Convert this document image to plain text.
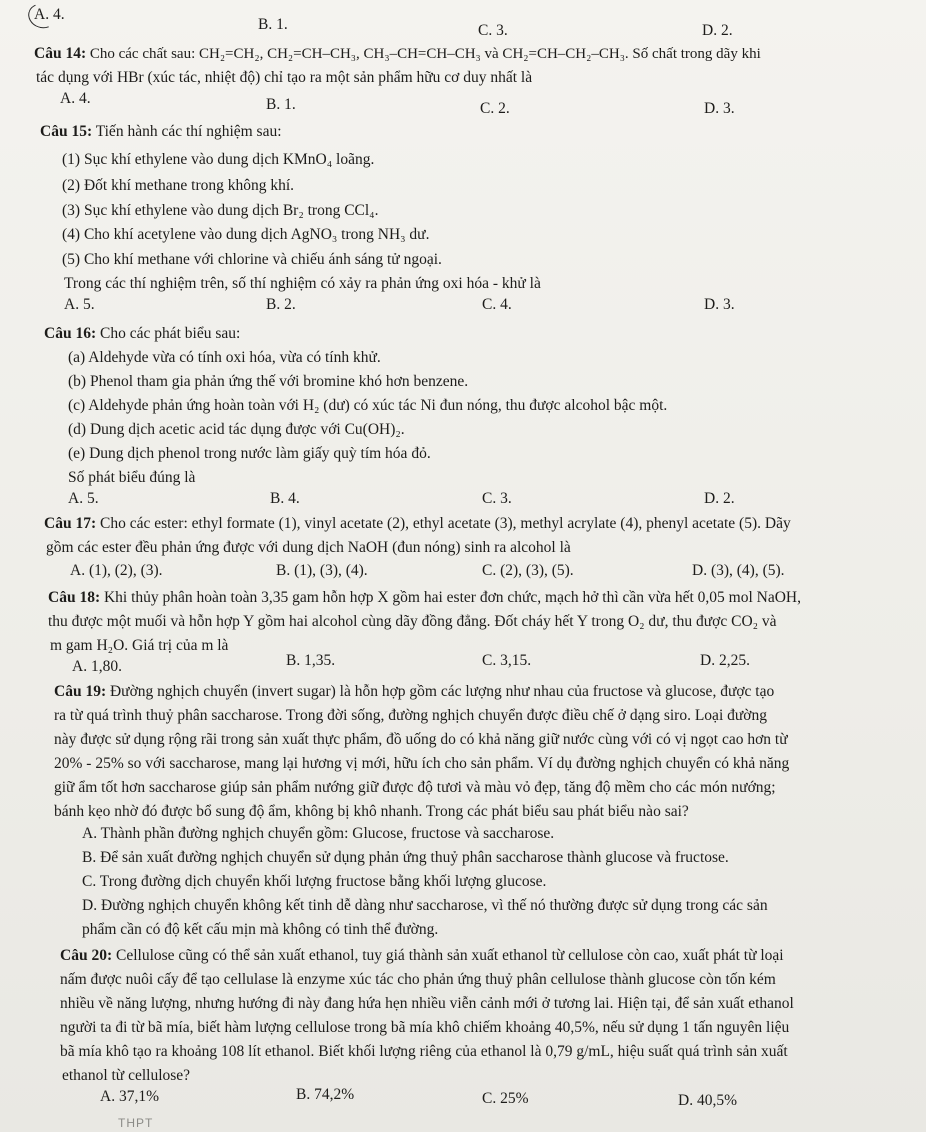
A. 4.
B. 1.	C. 3.	D. 2.
Câu 14: Cho các chất sau: CH₂=CH₂, CH₂=CH–CH₃, CH₃–CH=CH–CH₃ và CH₂=CH–CH₂–CH₃. Số chất trong dãy khi
tác dụng với HBr (xúc tác, nhiệt độ) chỉ tạo ra một sản phẩm hữu cơ duy nhất là
A. 4.	B. 1.	C. 2.	D. 3.
Câu 15: Tiến hành các thí nghiệm sau:
(1) Sục khí ethylene vào dung dịch KMnO₄ loãng.
(2) Đốt khí methane trong không khí.
(3) Sục khí ethylene vào dung dịch Br₂ trong CCl₄.
(4) Cho khí acetylene vào dung dịch AgNO₃ trong NH₃ dư.
(5) Cho khí methane với chlorine và chiếu ánh sáng tử ngoại.
Trong các thí nghiệm trên, số thí nghiệm có xảy ra phản ứng oxi hóa - khử là
A. 5.	B. 2.	C. 4.	D. 3.
Câu 16: Cho các phát biểu sau:
(a) Aldehyde vừa có tính oxi hóa, vừa có tính khử.
(b) Phenol tham gia phản ứng thế với bromine khó hơn benzene.
(c) Aldehyde phản ứng hoàn toàn với H₂ (dư) có xúc tác Ni đun nóng, thu được alcohol bậc một.
(d) Dung dịch acetic acid tác dụng được với Cu(OH)₂.
(e) Dung dịch phenol trong nước làm giấy quỳ tím hóa đỏ.
Số phát biểu đúng là
A. 5.	B. 4.	C. 3.	D. 2.
Câu 17: Cho các ester: ethyl formate (1), vinyl acetate (2), ethyl acetate (3), methyl acrylate (4), phenyl acetate (5). Dãy
gồm các ester đều phản ứng được với dung dịch NaOH (đun nóng) sinh ra alcohol là
A. (1), (2), (3).	B. (1), (3), (4).	C. (2), (3), (5).	D. (3), (4), (5).
Câu 18: Khi thủy phân hoàn toàn 3,35 gam hỗn hợp X gồm hai ester đơn chức, mạch hở thì cần vừa hết 0,05 mol NaOH,
thu được một muối và hỗn hợp Y gồm hai alcohol cùng dãy đồng đẳng. Đốt cháy hết Y trong O₂ dư, thu được CO₂ và
m gam H₂O. Giá trị của m là
A. 1,80.	B. 1,35.	C. 3,15.	D. 2,25.
Câu 19: Đường nghịch chuyển (invert sugar) là hỗn hợp gồm các lượng như nhau của fructose và glucose, được tạo
ra từ quá trình thuỷ phân saccharose. Trong đời sống, đường nghịch chuyển được điều chế ở dạng siro. Loại đường
này được sử dụng rộng rãi trong sản xuất thực phẩm, đồ uống do có khả năng giữ nước cùng với có vị ngọt cao hơn từ
20% - 25% so với saccharose, mang lại hương vị mới, hữu ích cho sản phẩm. Ví dụ đường nghịch chuyển có khả năng
giữ ẩm tốt hơn saccharose giúp sản phẩm nướng giữ được độ tươi và màu vỏ đẹp, tăng độ mềm cho các món nướng;
bánh kẹo nhờ đó được bổ sung độ ẩm, không bị khô nhanh. Trong các phát biểu sau phát biểu nào sai?
A. Thành phần đường nghịch chuyển gồm: Glucose, fructose và saccharose.
B. Để sản xuất đường nghịch chuyển sử dụng phản ứng thuỷ phân saccharose thành glucose và fructose.
C. Trong đường dịch chuyển khối lượng fructose bằng khối lượng glucose.
D. Đường nghịch chuyển không kết tinh dễ dàng như saccharose, vì thế nó thường được sử dụng trong các sản
phẩm cần có độ kết cấu mịn mà không có tinh thể đường.
Câu 20: Cellulose cũng có thể sản xuất ethanol, tuy giá thành sản xuất ethanol từ cellulose còn cao, xuất phát từ loại
nấm được nuôi cấy để tạo cellulase là enzyme xúc tác cho phản ứng thuỷ phân cellulose thành glucose còn tốn kém
nhiều về năng lượng, nhưng hướng đi này đang hứa hẹn nhiều viễn cảnh mới ở tương lai. Hiện tại, để sản xuất ethanol
người ta đi từ bã mía, biết hàm lượng cellulose trong bã mía khô chiếm khoảng 40,5%, nếu sử dụng 1 tấn nguyên liệu
bã mía khô tạo ra khoảng 108 lít ethanol. Biết khối lượng riêng của ethanol là 0,79 g/mL, hiệu suất quá trình sản xuất
ethanol từ cellulose?
A. 37,1%	B. 74,2%	C. 25%	D. 40,5%
THPT
